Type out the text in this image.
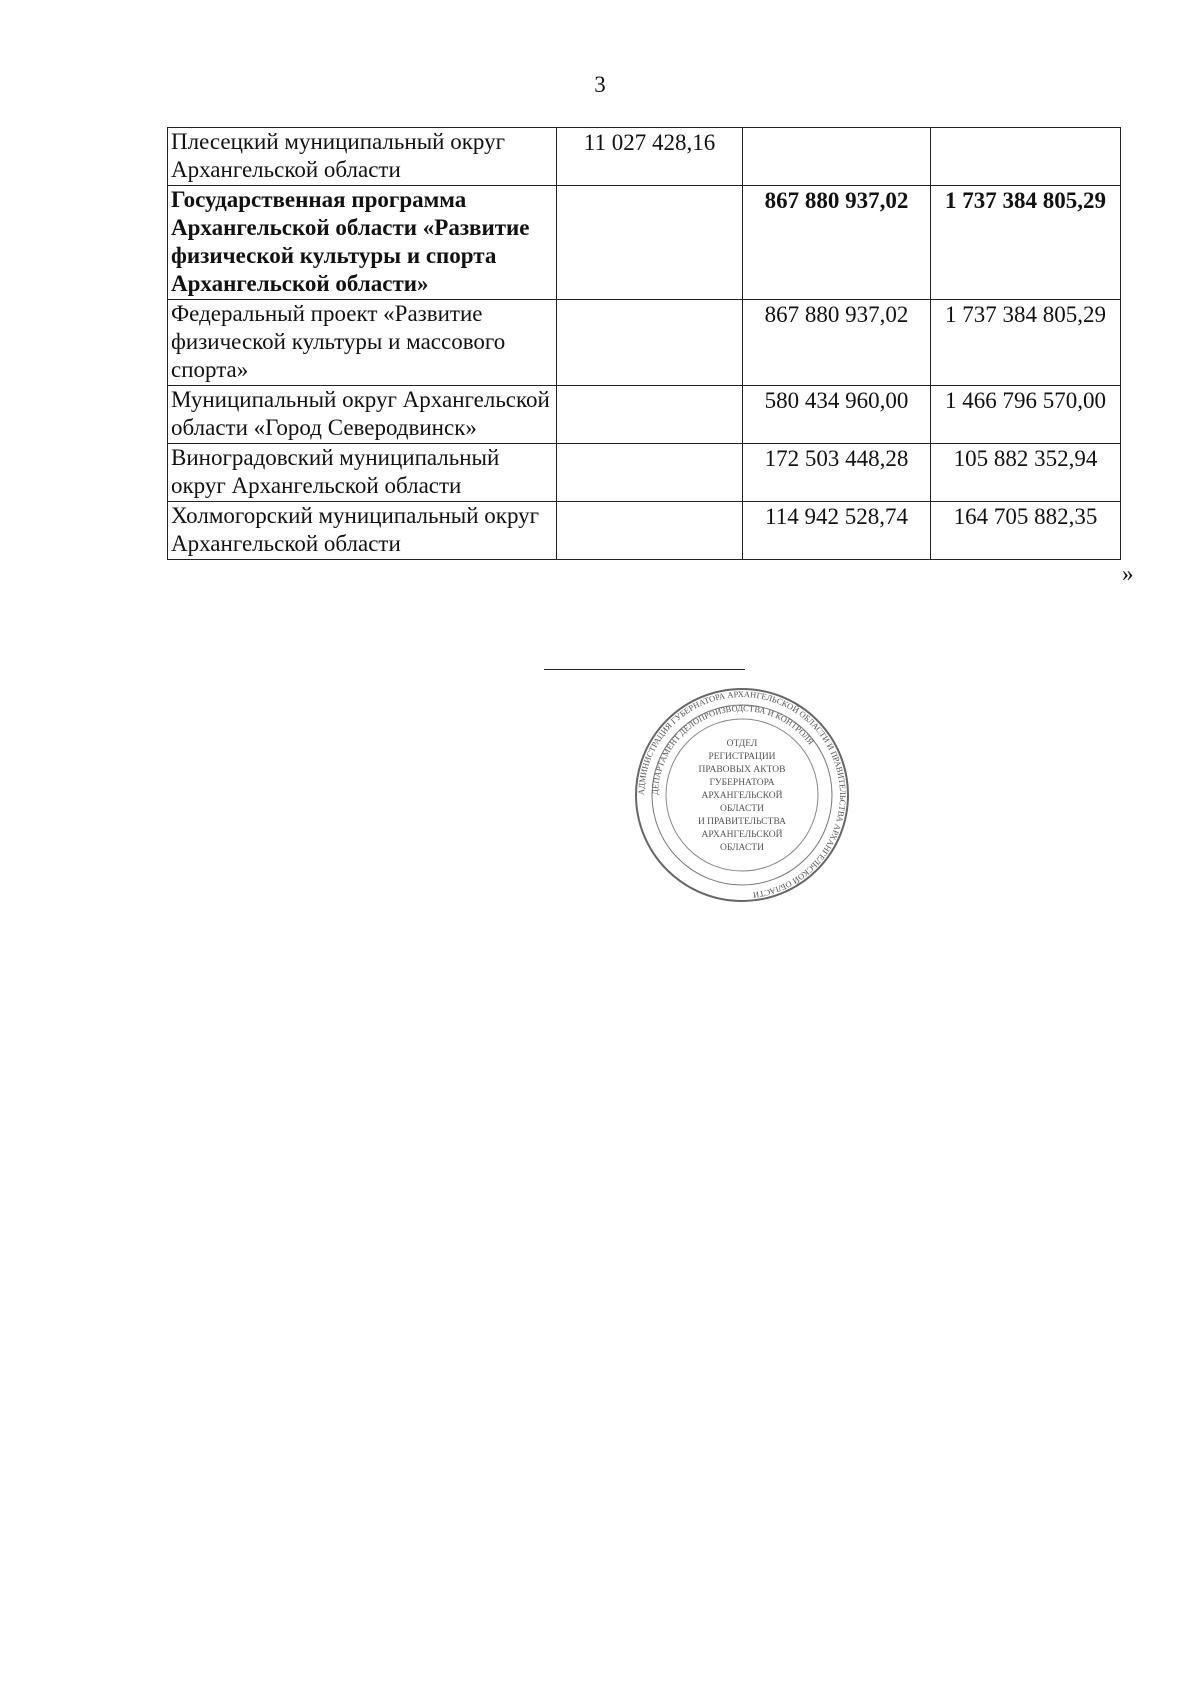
3
Плесецкий муниципальный округ Архангельской области	11 027 428,16		
Государственная программа Архангельской области «Развитие физической культуры и спорта Архангельской области»		867 880 937,02	1 737 384 805,29
Федеральный проект «Развитие физической культуры и массового спорта»		867 880 937,02	1 737 384 805,29
Муниципальный округ Архангельской области «Город Северодвинск»		580 434 960,00	1 466 796 570,00
Виноградовский муниципальный округ Архангельской области		172 503 448,28	105 882 352,94
Холмогорский муниципальный округ Архангельской области		114 942 528,74	164 705 882,35
»
АДМИНИСТРАЦИЯ ГУБЕРНАТОРА АРХАНГЕЛЬСКОЙ ОБЛАСТИ И ПРАВИТЕЛЬСТВА АРХАНГЕЛЬСКОЙ ОБЛАСТИ
ДЕПАРТАМЕНТ ДЕЛОПРОИЗВОДСТВА И КОНТРОЛЯ
ОТДЕЛ
РЕГИСТРАЦИИ
ПРАВОВЫХ АКТОВ
ГУБЕРНАТОРА
АРХАНГЕЛЬСКОЙ
ОБЛАСТИ
И ПРАВИТЕЛЬСТВА
АРХАНГЕЛЬСКОЙ
ОБЛАСТИ
